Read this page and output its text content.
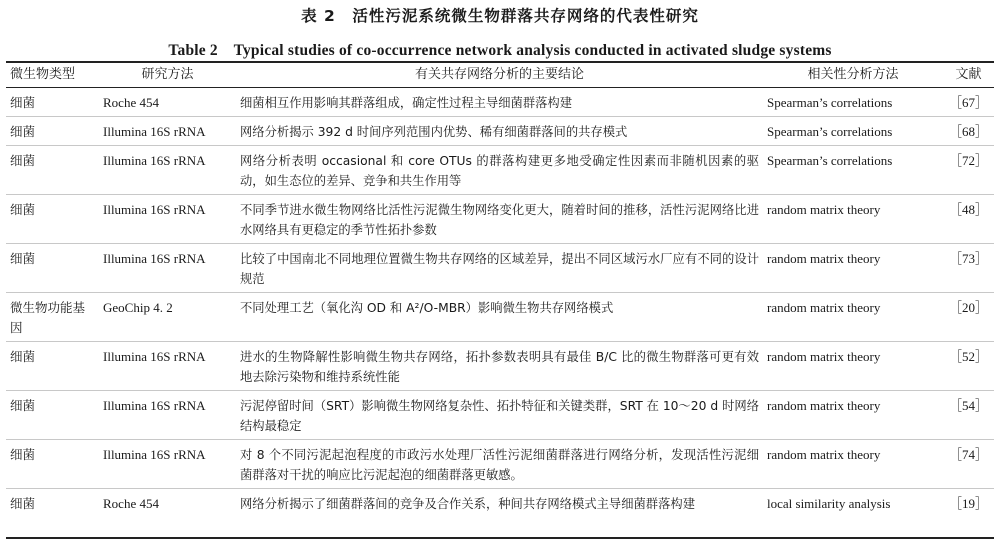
表 2　活性污泥系统微生物群落共存网络的代表性研究
Table 2　Typical studies of co-occurrence network analysis conducted in activated sludge systems
微生物类型	研究方法	有关共存网络分析的主要结论	相关性分析方法	文献
细菌	Roche 454	细菌相互作用影响其群落组成，确定性过程主导细菌群落构建	Spearman’s correlations	［67］
细菌	Illumina 16S rRNA	网络分析揭示 392 d 时间序列范围内优势、稀有细菌群落间的共存模式	Spearman’s correlations	［68］
细菌	Illumina 16S rRNA	网络分析表明 occasional 和 core OTUs 的群落构建更多地受确定性因素而非随机因素的驱动，如生态位的差异、竞争和共生作用等	Spearman’s correlations	［72］
细菌	Illumina 16S rRNA	不同季节进水微生物网络比活性污泥微生物网络变化更大，随着时间的推移，活性污泥网络比进水网络具有更稳定的季节性拓扑参数	random matrix theory	［48］
细菌	Illumina 16S rRNA	比较了中国南北不同地理位置微生物共存网络的区域差异，提出不同区域污水厂应有不同的设计规范	random matrix theory	［73］
微生物功能基因	GeoChip 4. 2	不同处理工艺（氧化沟 OD 和 A²/O-MBR）影响微生物共存网络模式	random matrix theory	［20］
细菌	Illumina 16S rRNA	进水的生物降解性影响微生物共存网络，拓扑参数表明具有最佳 B/C 比的微生物群落可更有效地去除污染物和维持系统性能	random matrix theory	［52］
细菌	Illumina 16S rRNA	污泥停留时间（SRT）影响微生物网络复杂性、拓扑特征和关键类群，SRT 在 10～20 d 时网络结构最稳定	random matrix theory	［54］
细菌	Illumina 16S rRNA	对 8 个不同污泥起泡程度的市政污水处理厂活性污泥细菌群落进行网络分析，发现活性污泥细菌群落对干扰的响应比污泥起泡的细菌群落更敏感。	random matrix theory	［74］
细菌	Roche 454	网络分析揭示了细菌群落间的竞争及合作关系，种间共存网络模式主导细菌群落构建	local similarity analysis	［19］
